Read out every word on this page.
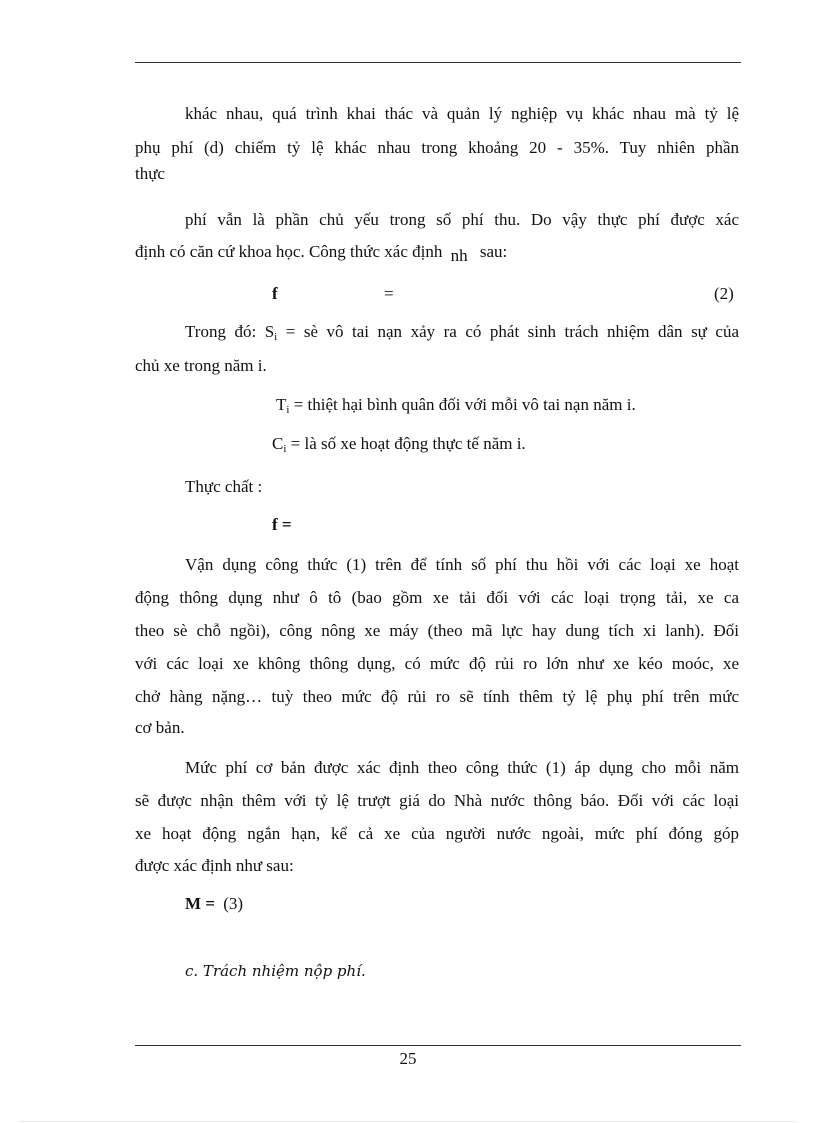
khác nhau, quá trình khai thác và quản lý nghiệp vụ khác nhau mà tỷ lệ
phụ phí (d) chiếm tỷ lệ khác nhau trong khoảng 20 - 35%. Tuy nhiên phần
thực
phí vẫn là phần chủ yếu trong số phí thu. Do vậy thực phí được xác
định có căn cứ khoa học. Công thức xác định nh sau:
f	=	(2)
Trong đó: $S_i$ = sè vô tai nạn xảy ra có phát sinh trách nhiệm dân sự của
chủ xe trong năm i.
$T_i$ = thiệt hại bình quân đối với mỗi vô tai nạn năm i.
$C_i$ = là số xe hoạt động thực tế năm i.
Thực chất :
f =
Vận dụng công thức (1) trên để tính số phí thu hồi với các loại xe hoạt
động thông dụng như ô tô (bao gồm xe tải đối với các loại trọng tải, xe ca
theo sè chỗ ngồi), công nông xe máy (theo mã lực hay dung tích xi lanh). Đối
với các loại xe không thông dụng, có mức độ rủi ro lớn như xe kéo moóc, xe
chở hàng nặng… tuỳ theo mức độ rủi ro sẽ tính thêm tỷ lệ phụ phí trên mức
cơ bản.
Mức phí cơ bản được xác định theo công thức (1) áp dụng cho mỗi năm
sẽ được nhận thêm với tỷ lệ trượt giá do Nhà nước thông báo. Đối với các loại
xe hoạt động ngắn hạn, kể cả xe của người nước ngoài, mức phí đóng góp
được xác định như sau:
M = (3)
c. Trách nhiệm nộp phí.
25
